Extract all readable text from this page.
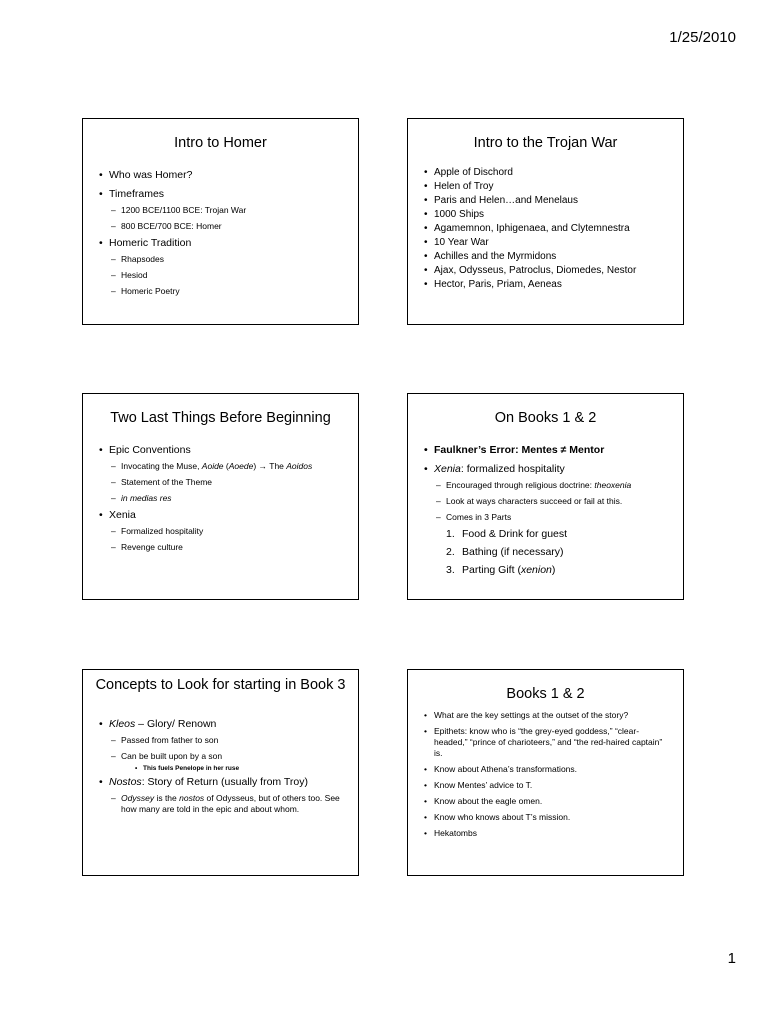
1/25/2010
Intro to Homer
• Who was Homer?
• Timeframes
– 1200 BCE/1100 BCE: Trojan War
– 800 BCE/700 BCE: Homer
• Homeric Tradition
– Rhapsodes
– Hesiod
– Homeric Poetry
Intro to the Trojan War
• Apple of Dischord
• Helen of Troy
• Paris and Helen…and Menelaus
• 1000 Ships
• Agamemnon, Iphigenaea, and Clytemnestra
• 10 Year War
• Achilles and the Myrmidons
• Ajax, Odysseus, Patroclus, Diomedes, Nestor
• Hector, Paris, Priam, Aeneas
Two Last Things Before Beginning
• Epic Conventions
– Invocating the Muse, Aoide (Aoede) → The Aoidos
– Statement of the Theme
– in medias res
• Xenia
– Formalized hospitality
– Revenge culture
On Books 1 & 2
• Faulkner’s Error: Mentes ≠ Mentor
• Xenia: formalized hospitality
– Encouraged through religious doctrine: theoxenia
– Look at ways characters succeed or fail at this.
– Comes in 3 Parts
1. Food & Drink for guest
2. Bathing (if necessary)
3. Parting Gift (xenion)
Concepts to Look for starting in Book 3
• Kleos – Glory/ Renown
– Passed from father to son
– Can be built upon by a son
• This fuels Penelope in her ruse
• Nostos: Story of Return (usually from Troy)
– Odyssey is the nostos of Odysseus, but of others too. See how many are told in the epic and about whom.
Books 1 & 2
• What are the key settings at the outset of the story?
• Epithets: know who is “the grey-eyed goddess,” “clear-headed,” “prince of charioteers,” and “the red-haired captain” is.
• Know about Athena’s transformations.
• Know Mentes’ advice to T.
• Know about the eagle omen.
• Know who knows about T’s mission.
• Hekatombs
1
